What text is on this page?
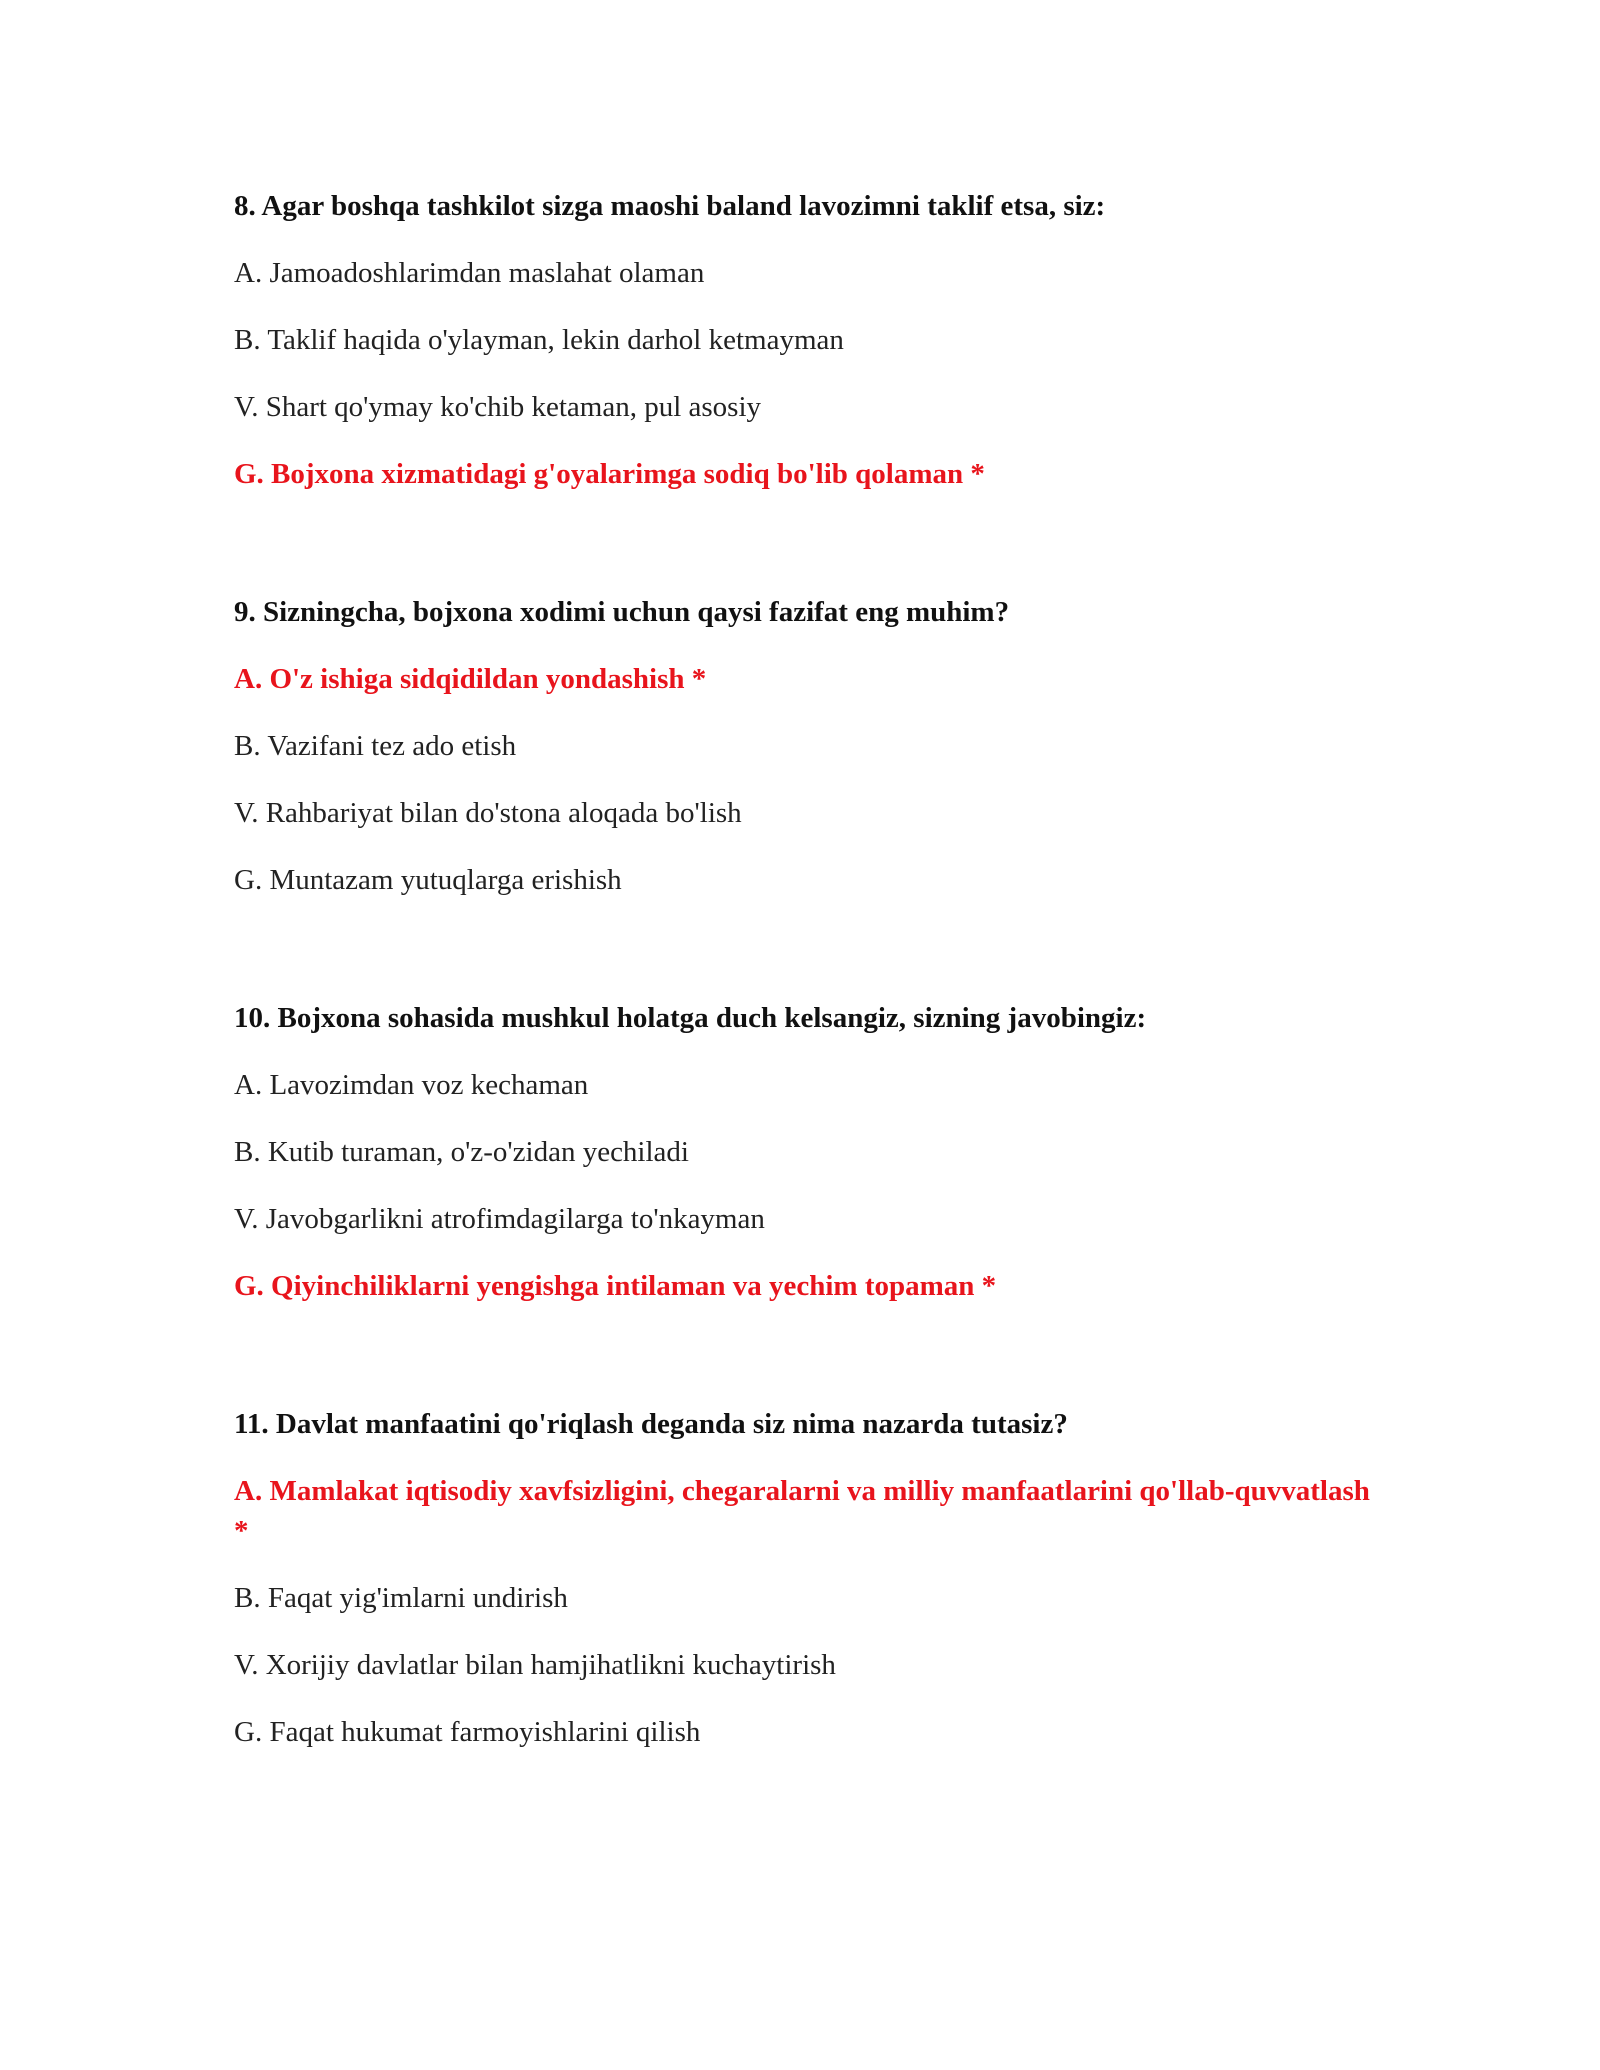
8. Agar boshqa tashkilot sizga maoshi baland lavozimni taklif etsa, siz:

A. Jamoadoshlarimdan maslahat olaman

B. Taklif haqida o'ylayman, lekin darhol ketmayman

V. Shart qo'ymay ko'chib ketaman, pul asosiy

G. Bojxona xizmatidagi g'oyalarimga sodiq bo'lib qolaman *

9. Sizningcha, bojxona xodimi uchun qaysi fazifat eng muhim?

A. O'z ishiga sidqidildan yondashish *

B. Vazifani tez ado etish

V. Rahbariyat bilan do'stona aloqada bo'lish

G. Muntazam yutuqlarga erishish

10. Bojxona sohasida mushkul holatga duch kelsangiz, sizning javobingiz:

A. Lavozimdan voz kechaman

B. Kutib turaman, o'z-o'zidan yechiladi

V. Javobgarlikni atrofimdagilarga to'nkayman

G. Qiyinchiliklarni yengishga intilaman va yechim topaman *

11. Davlat manfaatini qo'riqlash deganda siz nima nazarda tutasiz?

A. Mamlakat iqtisodiy xavfsizligini, chegaralarni va milliy manfaatlarini qo'llab-quvvatlash *

B. Faqat yig'imlarni undirish

V. Xorijiy davlatlar bilan hamjihatlikni kuchaytirish

G. Faqat hukumat farmoyishlarini qilish
